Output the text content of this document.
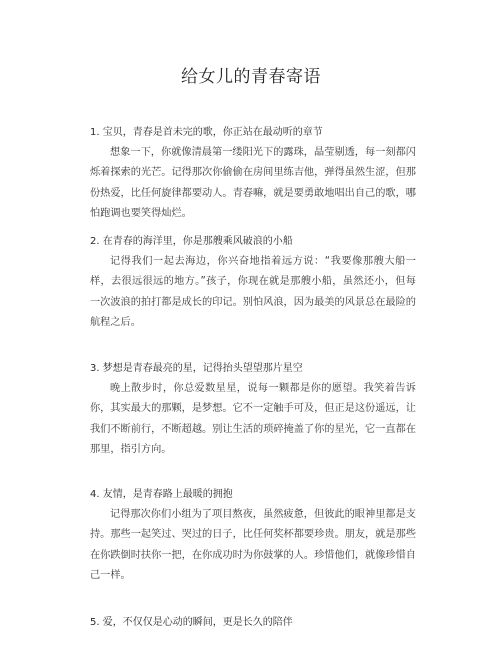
给女儿的青春寄语
1. 宝贝，青春是首未完的歌，你正站在最动听的章节
想象一下，你就像清晨第一缕阳光下的露珠，晶莹剔透，每一刻都闪烁着探索的光芒。记得那次你偷偷在房间里练吉他，弹得虽然生涩，但那份热爱，比任何旋律都要动人。青春嘛，就是要勇敢地唱出自己的歌，哪怕跑调也要笑得灿烂。
2. 在青春的海洋里，你是那艘乘风破浪的小船
记得我们一起去海边，你兴奋地指着远方说：“我要像那艘大船一样，去很远很远的地方。”孩子，你现在就是那艘小船，虽然还小，但每一次波浪的拍打都是成长的印记。别怕风浪，因为最美的风景总在最险的航程之后。
3. 梦想是青春最亮的星，记得抬头望望那片星空
晚上散步时，你总爱数星星，说每一颗都是你的愿望。我笑着告诉你，其实最大的那颗，是梦想。它不一定触手可及，但正是这份遥远，让我们不断前行，不断超越。别让生活的琐碎掩盖了你的星光，它一直都在那里，指引方向。
4. 友情，是青春路上最暖的拥抱
记得那次你们小组为了项目熬夜，虽然疲惫，但彼此的眼神里都是支持。那些一起笑过、哭过的日子，比任何奖杯都要珍贵。朋友，就是那些在你跌倒时扶你一把，在你成功时为你鼓掌的人。珍惜他们，就像珍惜自己一样。
5. 爱，不仅仅是心动的瞬间，更是长久的陪伴
